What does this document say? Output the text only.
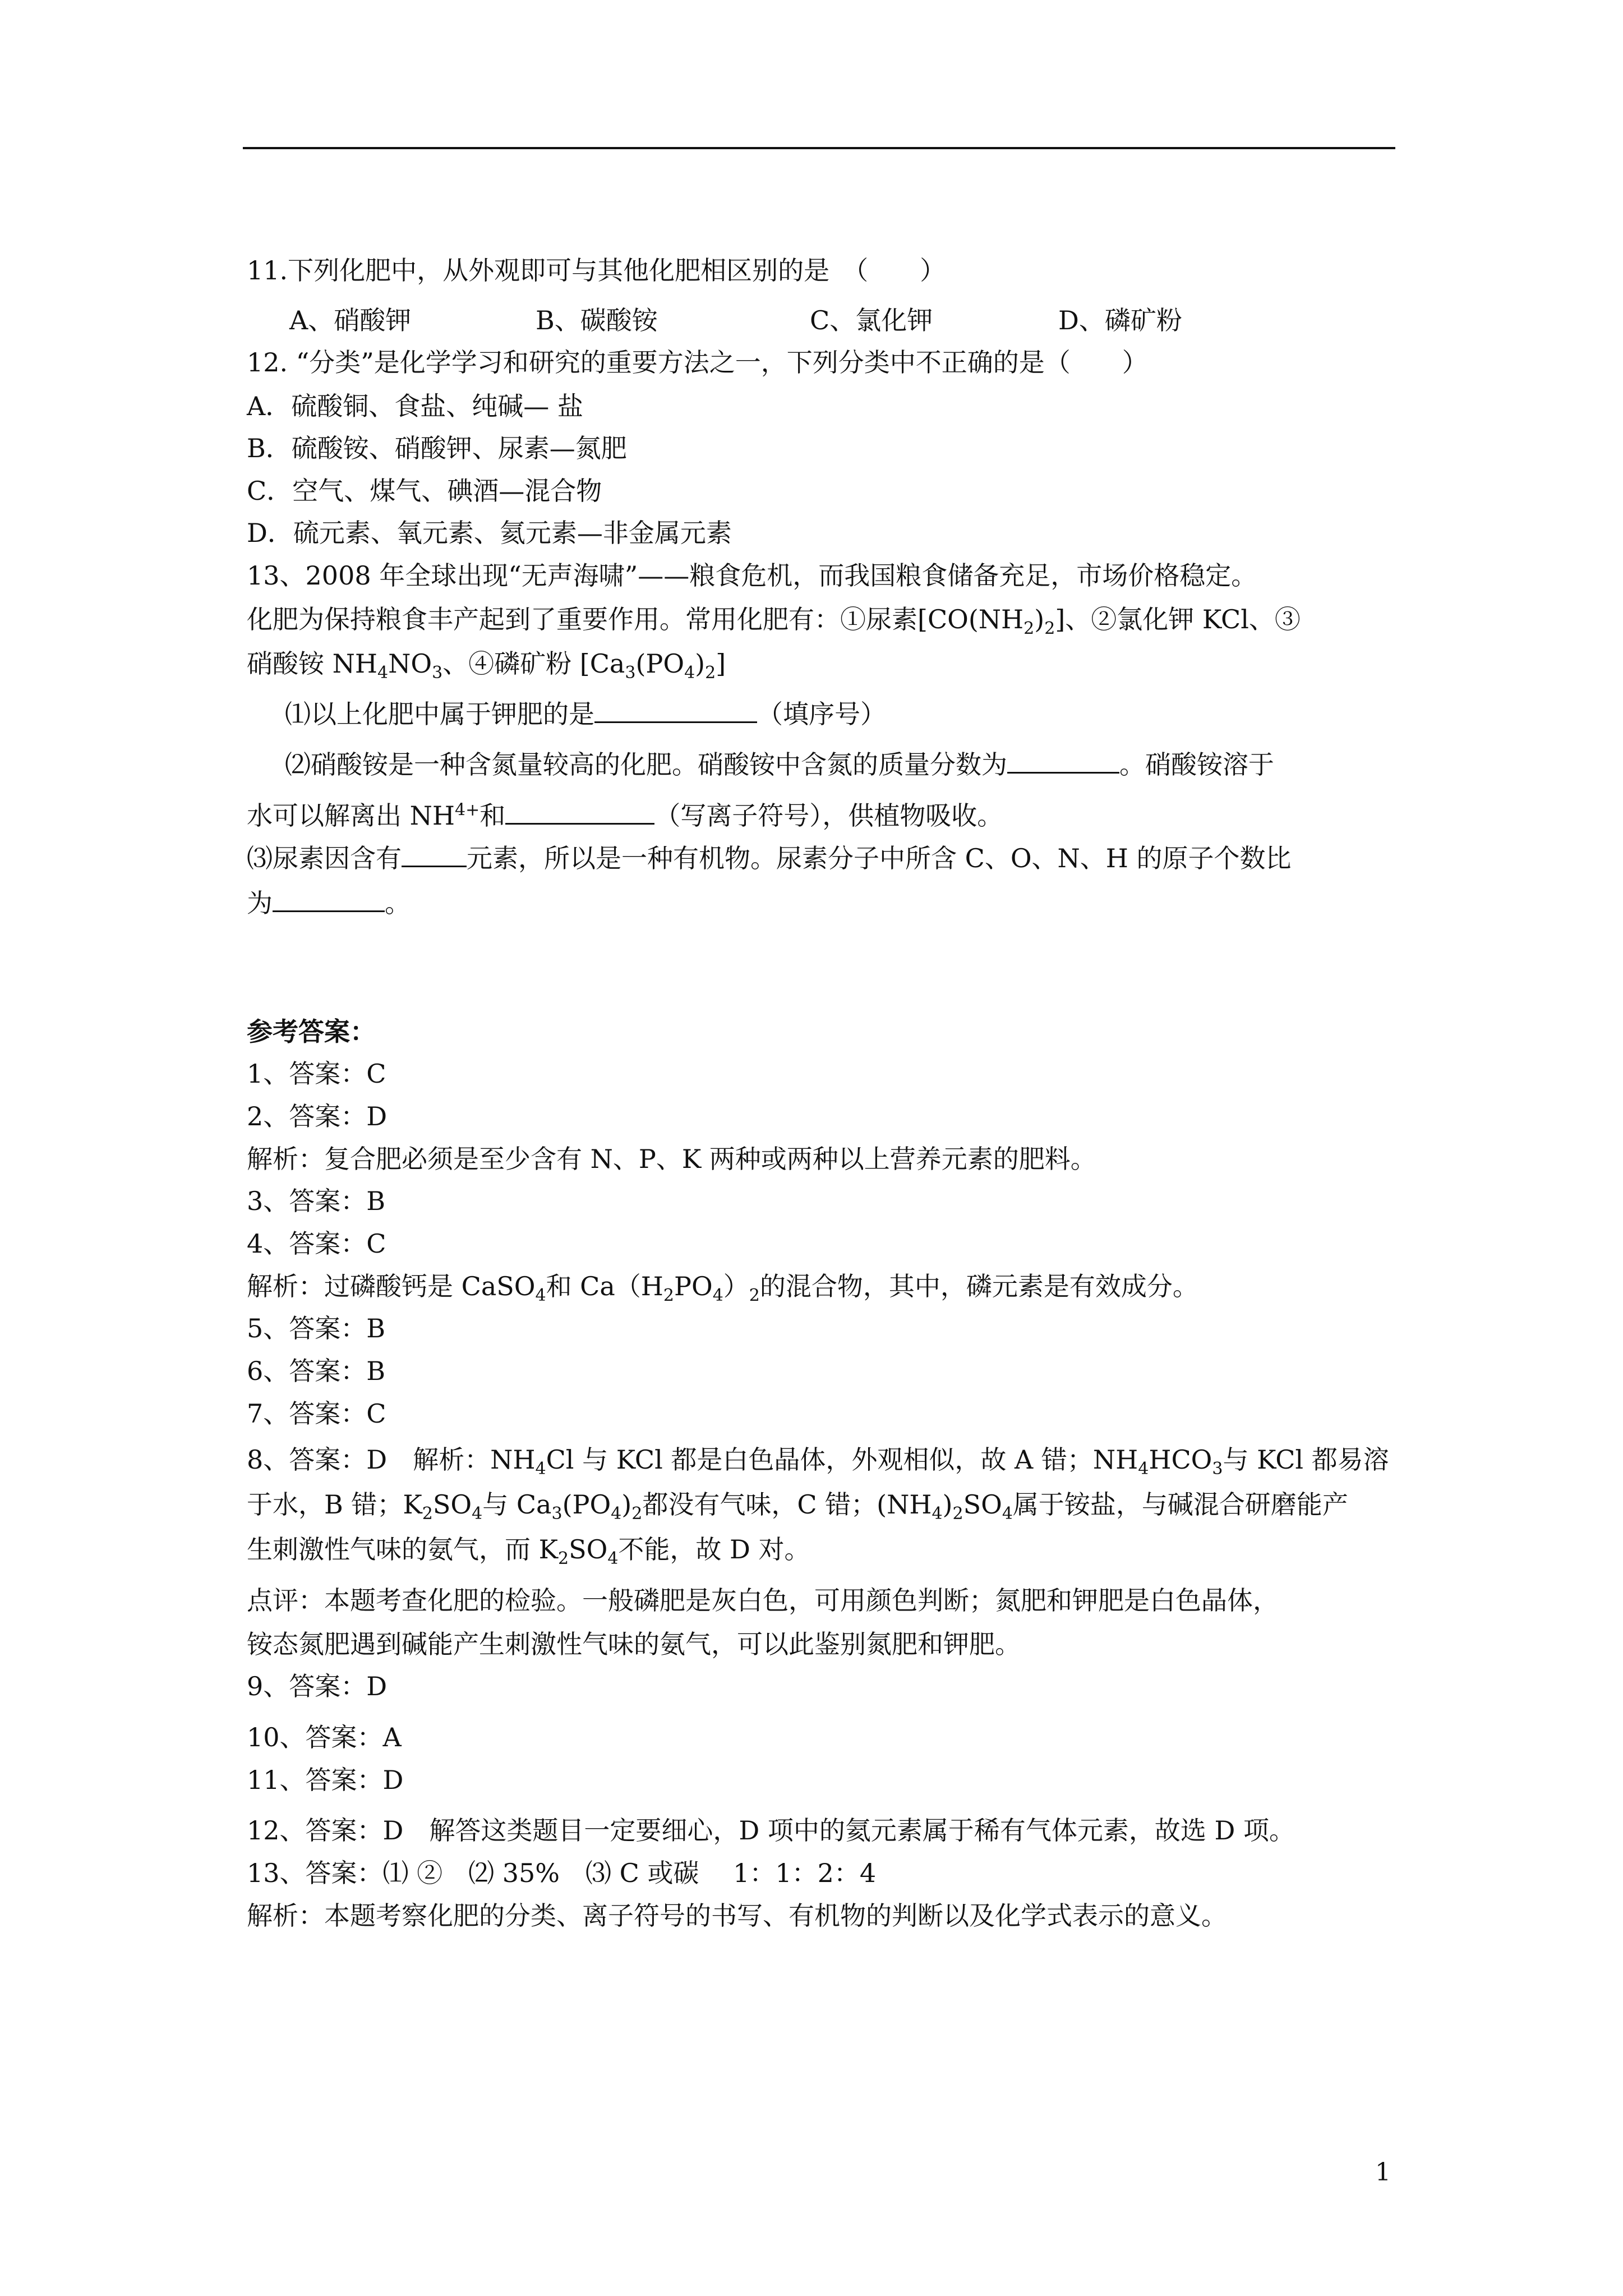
11.下列化肥中，从外观即可与其他化肥相区别的是　（　　）
A、硝酸钾	B、碳酸铵	C、氯化钾	D、磷矿粉
12. “分类”是化学学习和研究的重要方法之一，下列分类中不正确的是（　　）
A．硫酸铜、食盐、纯碱— 盐
B．硫酸铵、硝酸钾、尿素—氮肥
C．空气、煤气、碘酒—混合物
D．硫元素、氧元素、氦元素—非金属元素
13、2008 年全球出现“无声海啸”——粮食危机，而我国粮食储备充足，市场价格稳定。
化肥为保持粮食丰产起到了重要作用。常用化肥有：①尿素$[CO(NH_2)_2]$、②氯化钾 KCl、③
硝酸铵 $NH_4NO_3$、④磷矿粉 $[Ca_3(PO_4)_2]$
⑴以上化肥中属于钾肥的是	（填序号）
⑵硝酸铵是一种含氮量较高的化肥。硝酸铵中含氮的质量分数为	。硝酸铵溶于
水可以解离出 $NH^{4+}$和	（写离子符号），供植物吸收。
⑶尿素因含有	元素，所以是一种有机物。尿素分子中所含 C、O、N、H 的原子个数比
为	。
参考答案：
1、答案：C
2、答案：D
解析：复合肥必须是至少含有 N、P、K 两种或两种以上营养元素的肥料。
3、答案：B
4、答案：C
解析：过磷酸钙是 CaSO$_4$和 $Ca(H_2PO_4)_2$的混合物，其中，磷元素是有效成分。
5、答案：B
6、答案：B
7、答案：C
8、答案：D　解析：$NH_4Cl$ 与 KCl 都是白色晶体，外观相似，故 A 错；$NH_4HCO_3$与 KCl 都易溶
于水，B 错；$K_2SO_4$与 $Ca_3(PO_4)_2$都没有气味，C 错；$(NH_4)_2SO_4$属于铵盐，与碱混合研磨能产
生刺激性气味的氨气，而 $K_2SO_4$不能，故 D 对。
点评：本题考查化肥的检验。一般磷肥是灰白色，可用颜色判断；氮肥和钾肥是白色晶体，
铵态氮肥遇到碱能产生刺激性气味的氨气，可以此鉴别氮肥和钾肥。
9、答案：D
10、答案：A
11、答案：D
12、答案：D　解答这类题目一定要细心，D 项中的氦元素属于稀有气体元素，故选 D 项。
13、答案：⑴ ②　⑵ 35%　⑶ C 或碳　 1：1：2：4
解析：本题考察化肥的分类、离子符号的书写、有机物的判断以及化学式表示的意义。
1
